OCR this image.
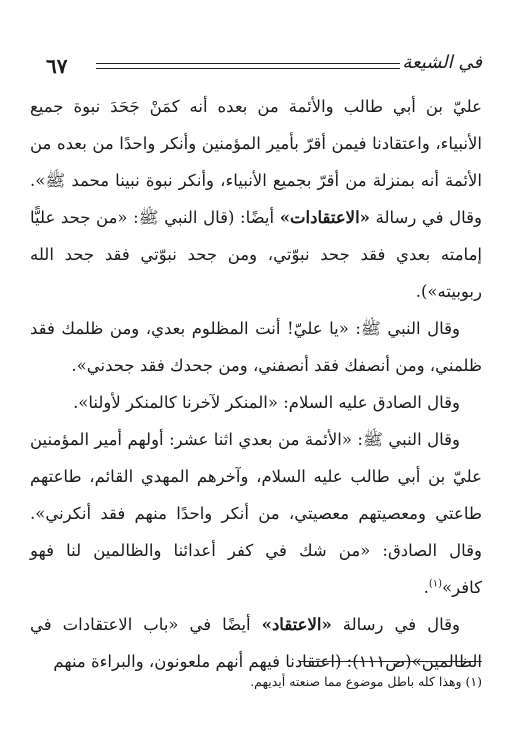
٦٧	في الشيعة

عليّ بن أبي طالب والأئمة من بعده أنه كمَنْ جَحَدَ نبوة جميع الأنبياء، واعتقادنا فيمن أقرّ بأمير المؤمنين وأنكر واحدًا من بعده من الأئمة أنه بمنزلة من أقرّ بجميع الأنبياء، وأنكر نبوة نبينا محمد ﷺ». وقال في رسالة «الاعتقادات» أيضًا: (قال النبي ﷺ: «من جحد عليًّا إمامته بعدي فقد جحد نبوّتي، ومن جحد نبوّتي فقد جحد الله ربوبيته»).

وقال النبي ﷺ: «يا عليّ! أنت المظلوم بعدي، ومن ظلمك فقد ظلمني، ومن أنصفك فقد أنصفني، ومن جحدك فقد جحدني».

وقال الصادق عليه السلام: «المنكر لآخرنا كالمنكر لأولنا».

وقال النبي ﷺ: «الأئمة من بعدي اثنا عشر: أولهم أمير المؤمنين عليّ بن أبي طالب عليه السلام، وآخرهم المهدي القائم، طاعتهم طاعتي ومعصيتهم معصيتي، من أنكر واحدًا منهم فقد أنكرني». وقال الصادق: «من شك في كفر أعدائنا والظالمين لنا فهو كافر»$^{(١)}$.

وقال في رسالة «الاعتقاد» أيضًا في «باب الاعتقادات في الظالمين»(ص١١١): (اعتقادنا فيهم أنهم ملعونون، والبراءة منهم

(١) وهذا كله باطل موضوع مما صنعته أيديهم.
